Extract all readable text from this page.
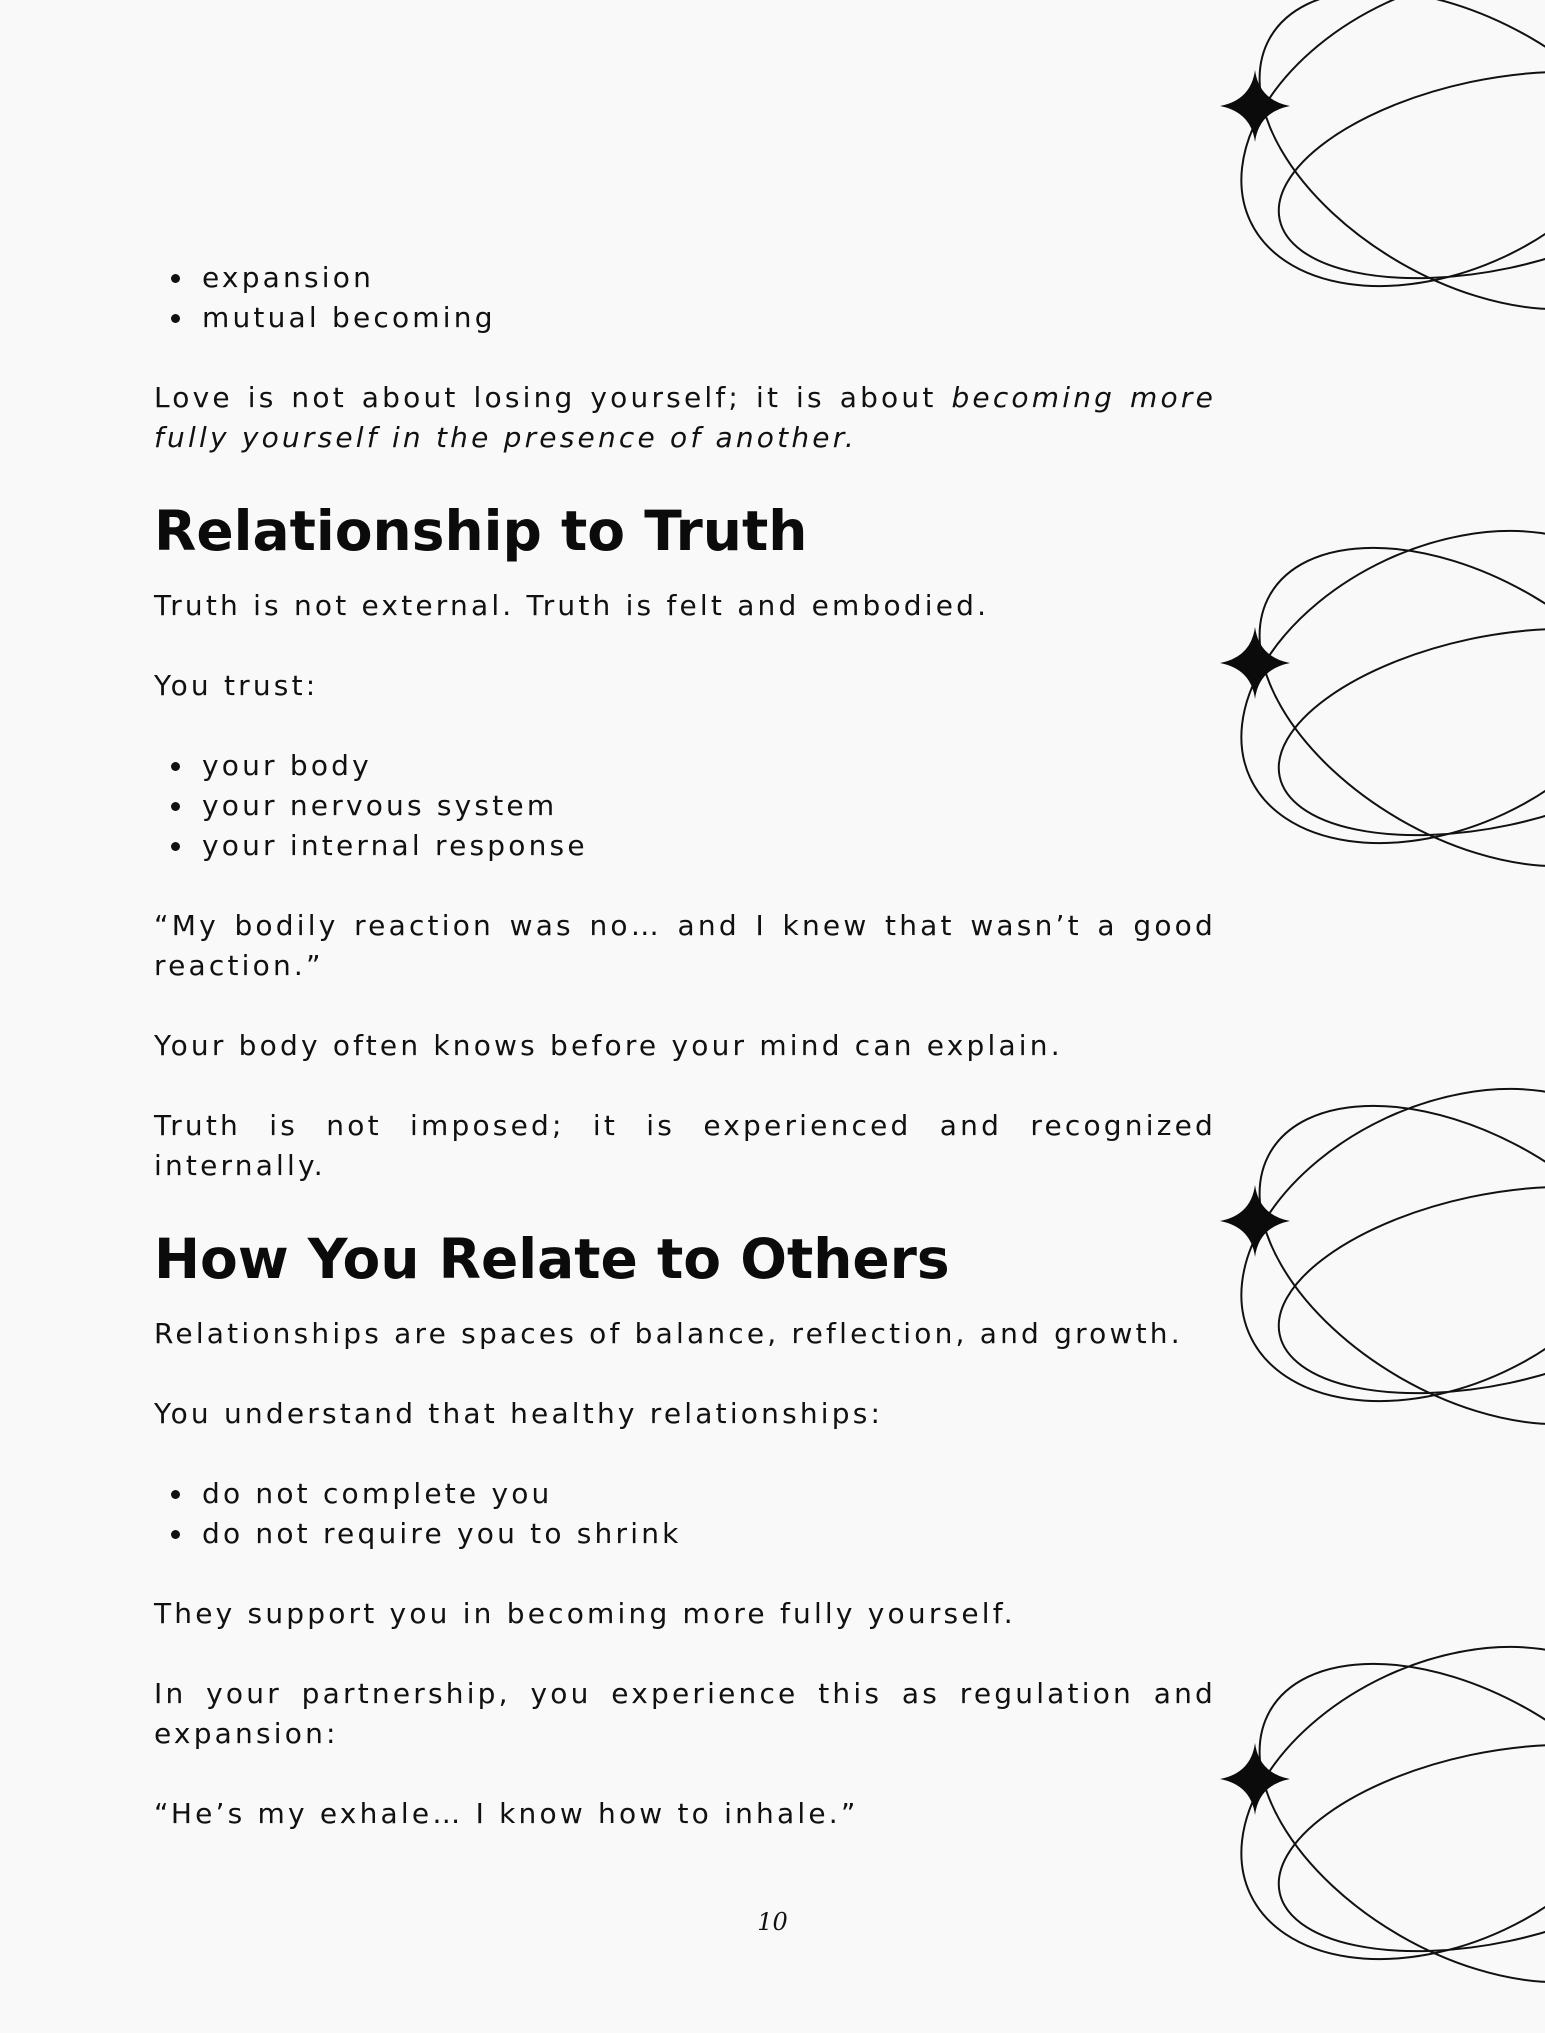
expansion
mutual becoming

Love is not about losing yourself; it is about becoming more fully yourself in the presence of another.

Relationship to Truth

Truth is not external. Truth is felt and embodied.

You trust:

your body
your nervous system
your internal response

“My bodily reaction was no… and I knew that wasn’t a good reaction.”

Your body often knows before your mind can explain.

Truth is not imposed; it is experienced and recognized internally.

How You Relate to Others

Relationships are spaces of balance, reflection, and growth.

You understand that healthy relationships:

do not complete you
do not require you to shrink

They support you in becoming more fully yourself.

In your partnership, you experience this as regulation and expansion:

“He’s my exhale… I know how to inhale.”

10
